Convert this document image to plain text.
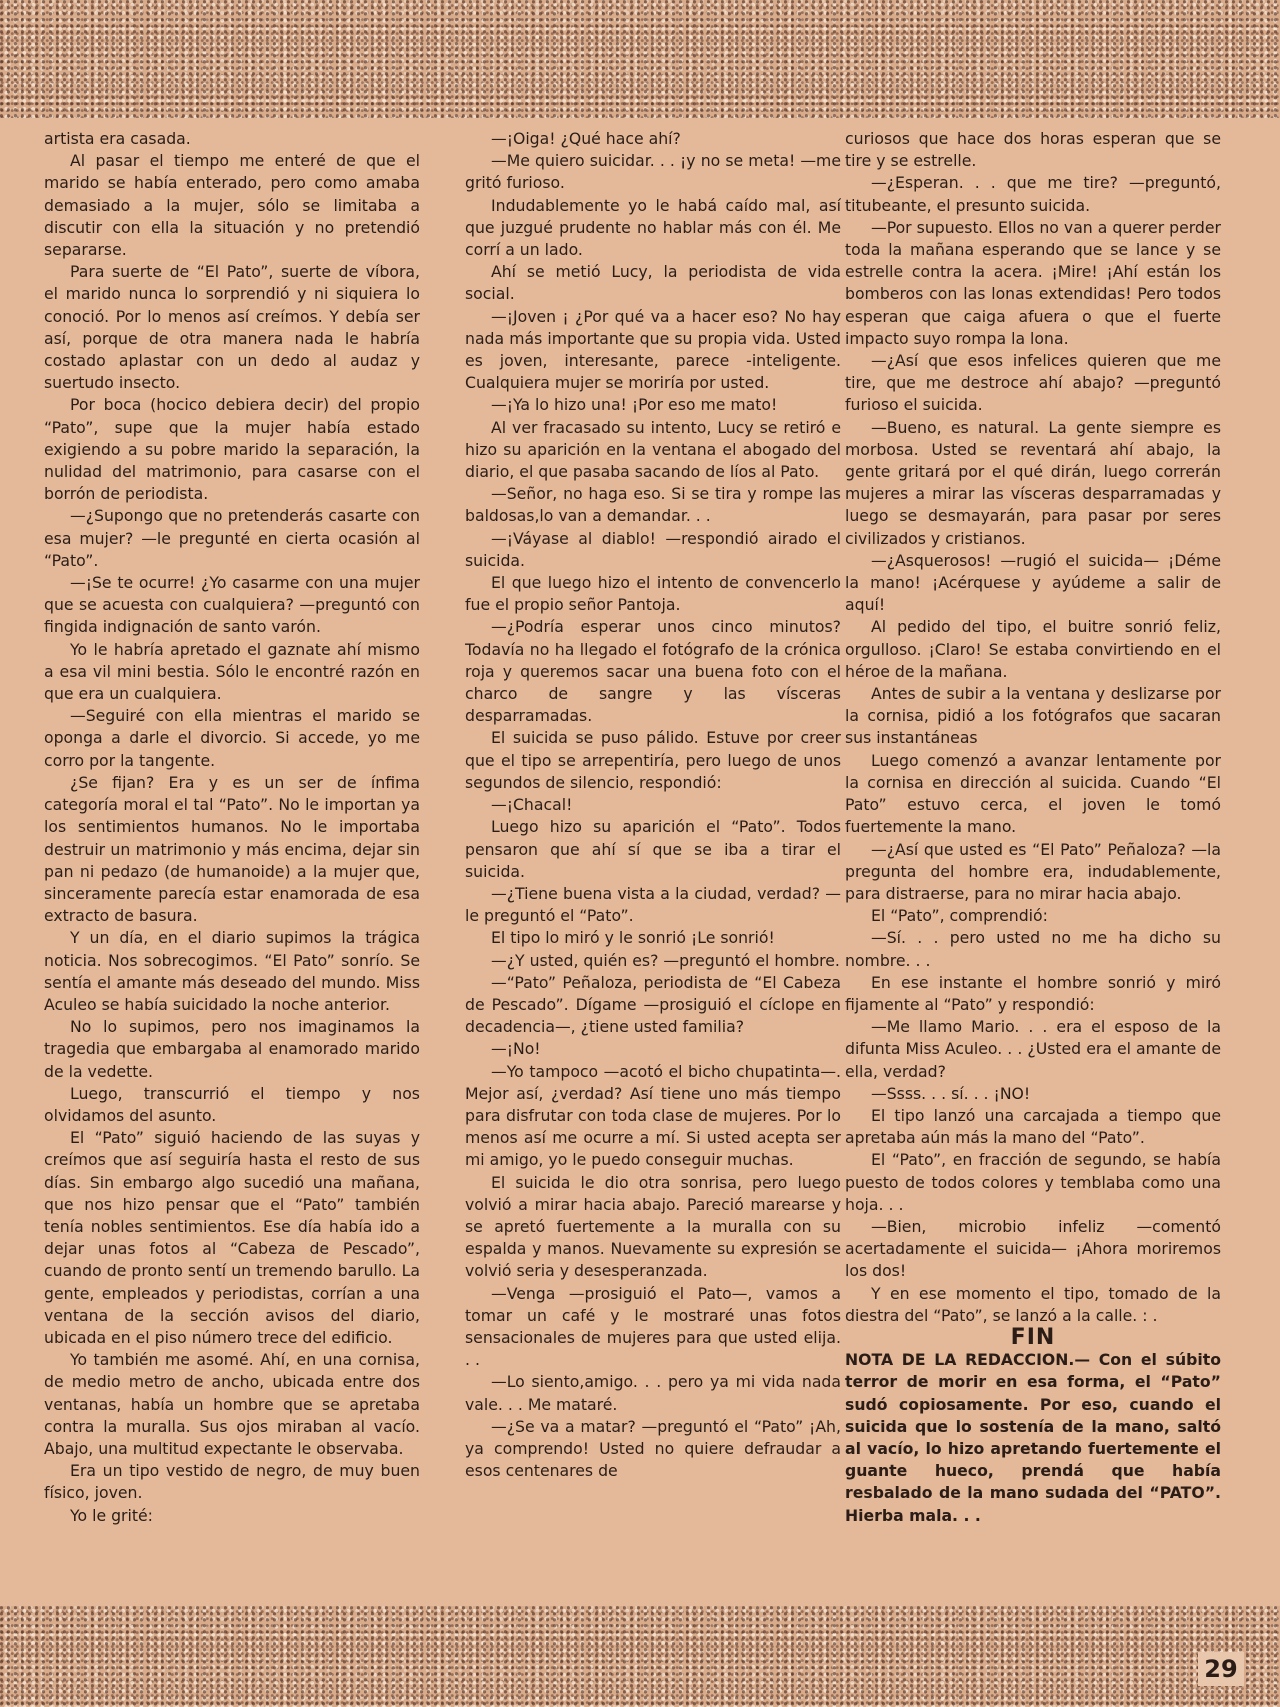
artista era casada.

Al pasar el tiempo me enteré de que el marido se había enterado, pero como amaba demasiado a la mujer, sólo se limitaba a discutir con ella la situación y no pretendió separarse.

Para suerte de “El Pato”, suerte de víbora, el marido nunca lo sorprendió y ni siquiera lo conoció. Por lo menos así creímos. Y debía ser así, porque de otra manera nada le habría costado aplastar con un dedo al audaz y suertudo insecto.

Por boca (hocico debiera decir) del propio “Pato”, supe que la mujer había estado exigiendo a su pobre marido la separación, la nulidad del matrimonio, para casarse con el borrón de periodista.

—¿Supongo que no pretenderás casarte con esa mujer? —le pregunté en cierta ocasión al “Pato”.

—¡Se te ocurre! ¿Yo casarme con una mujer que se acuesta con cualquiera? —preguntó con fingida indignación de santo varón.

Yo le habría apretado el gaznate ahí mismo a esa vil mini bestia. Sólo le encontré razón en que era un cualquiera.

—Seguiré con ella mientras el marido se oponga a darle el divorcio. Si accede, yo me corro por la tangente.

¿Se fijan? Era y es un ser de ínfima categoría moral el tal “Pato”. No le importan ya los sentimientos humanos. No le importaba destruir un matrimonio y más encima, dejar sin pan ni pedazo (de humanoide) a la mujer que, sinceramente parecía estar enamorada de esa extracto de basura.

Y un día, en el diario supimos la trágica noticia. Nos sobrecogimos. “El Pato” sonrío. Se sentía el amante más deseado del mundo. Miss Aculeo se había suicidado la noche anterior.

No lo supimos, pero nos imaginamos la tragedia que embargaba al enamorado marido de la vedette.

Luego, transcurrió el tiempo y nos olvidamos del asunto.

El “Pato” siguió haciendo de las suyas y creímos que así seguiría hasta el resto de sus días. Sin embargo algo sucedió una mañana, que nos hizo pensar que el “Pato” también tenía nobles sentimientos. Ese día había ido a dejar unas fotos al “Cabeza de Pescado”, cuando de pronto sentí un tremendo barullo. La gente, empleados y periodistas, corrían a una ventana de la sección avisos del diario, ubicada en el piso número trece del edificio.

Yo también me asomé. Ahí, en una cornisa, de medio metro de ancho, ubicada entre dos ventanas, había un hombre que se apretaba contra la muralla. Sus ojos miraban al vacío. Abajo, una multitud expectante le observaba.

Era un tipo vestido de negro, de muy buen físico, joven.

Yo le grité:

—¡Oiga! ¿Qué hace ahí?

—Me quiero suicidar. . . ¡y no se meta! —me gritó furioso.

Indudablemente yo le habá caído mal, así que juzgué prudente no hablar más con él. Me corrí a un lado.

Ahí se metió Lucy, la periodista de vida social.

—¡Joven ¡ ¿Por qué va a hacer eso? No hay nada más importante que su propia vida. Usted es joven, interesante, parece -inteligente. Cualquiera mujer se moriría por usted.

—¡Ya lo hizo una! ¡Por eso me mato!

Al ver fracasado su intento, Lucy se retiró e hizo su aparición en la ventana el abogado del diario, el que pasaba sacando de líos al Pato.

—Señor, no haga eso. Si se tira y rompe las baldosas,lo van a demandar. . .

—¡Váyase al diablo! —respondió airado el suicida.

El que luego hizo el intento de convencerlo fue el propio señor Pantoja.

—¿Podría esperar unos cinco minutos? Todavía no ha llegado el fotógrafo de la crónica roja y queremos sacar una buena foto con el charco de sangre y las vísceras desparramadas.

El suicida se puso pálido. Estuve por creer que el tipo se arrepentiría, pero luego de unos segundos de silencio, respondió:

—¡Chacal!

Luego hizo su aparición el “Pato”. Todos pensaron que ahí sí que se iba a tirar el suicida.

—¿Tiene buena vista a la ciudad, verdad? —le preguntó el “Pato”.

El tipo lo miró y le sonrió ¡Le sonrió!

—¿Y usted, quién es? —preguntó el hombre.

—“Pato” Peñaloza, periodista de “El Cabeza de Pescado”. Dígame —prosiguió el cíclope en decadencia—, ¿tiene usted familia?

—¡No!

—Yo tampoco —acotó el bicho chupatinta—. Mejor así, ¿verdad? Así tiene uno más tiempo para disfrutar con toda clase de mujeres. Por lo menos así me ocurre a mí. Si usted acepta ser mi amigo, yo le puedo conseguir muchas.

El suicida le dio otra sonrisa, pero luego volvió a mirar hacia abajo. Pareció marearse y se apretó fuertemente a la muralla con su espalda y manos. Nuevamente su expresión se volvió seria y desesperanzada.

—Venga —prosiguió el Pato—, vamos a tomar un café y le mostraré unas fotos sensacionales de mujeres para que usted elija. . .

—Lo siento,amigo. . . pero ya mi vida nada vale. . . Me mataré.

—¿Se va a matar? —preguntó el “Pato” ¡Ah, ya comprendo! Usted no quiere defraudar a esos centenares de

curiosos que hace dos horas esperan que se tire y se estrelle.

—¿Esperan. . . que me tire? —preguntó, titubeante, el presunto suicida.

—Por supuesto. Ellos no van a querer perder toda la mañana esperando que se lance y se estrelle contra la acera. ¡Mire! ¡Ahí están los bomberos con las lonas extendidas! Pero todos esperan que caiga afuera o que el fuerte impacto suyo rompa la lona.

—¿Así que esos infelices quieren que me tire, que me destroce ahí abajo? —preguntó furioso el suicida.

—Bueno, es natural. La gente siempre es morbosa. Usted se reventará ahí abajo, la gente gritará por el qué dirán, luego correrán mujeres a mirar las vísceras desparramadas y luego se desmayarán, para pasar por seres civilizados y cristianos.

—¿Asquerosos! —rugió el suicida— ¡Déme la mano! ¡Acérquese y ayúdeme a salir de aquí!

Al pedido del tipo, el buitre sonrió feliz, orgulloso. ¡Claro! Se estaba convirtiendo en el héroe de la mañana.

Antes de subir a la ventana y deslizarse por la cornisa, pidió a los fotógrafos que sacaran sus instantáneas

Luego comenzó a avanzar lentamente por la cornisa en dirección al suicida. Cuando “El Pato” estuvo cerca, el joven le tomó fuertemente la mano.

—¿Así que usted es “El Pato” Peñaloza? —la pregunta del hombre era, indudablemente, para distraerse, para no mirar hacia abajo.

El “Pato”, comprendió:

—Sí. . . pero usted no me ha dicho su nombre. . .

En ese instante el hombre sonrió y miró fijamente al “Pato” y respondió:

—Me llamo Mario. . . era el esposo de la difunta Miss Aculeo. . . ¿Usted era el amante de ella, verdad?

—Ssss. . . sí. . . ¡NO!

El tipo lanzó una carcajada a tiempo que apretaba aún más la mano del “Pato”.

El “Pato”, en fracción de segundo, se había puesto de todos colores y temblaba como una hoja. . .

—Bien, microbio infeliz —comentó acertadamente el suicida— ¡Ahora moriremos los dos!

Y en ese momento el tipo, tomado de la diestra del “Pato”, se lanzó a la calle. : .

FIN

NOTA DE LA REDACCION.— Con el súbito terror de morir en esa forma, el “Pato” sudó copiosamente. Por eso, cuando el suicida que lo sostenía de la mano, saltó al vacío, lo hizo apretando fuertemente el guante hueco, prendá que había resbalado de la mano sudada del “PATO”. Hierba mala. . .

29
